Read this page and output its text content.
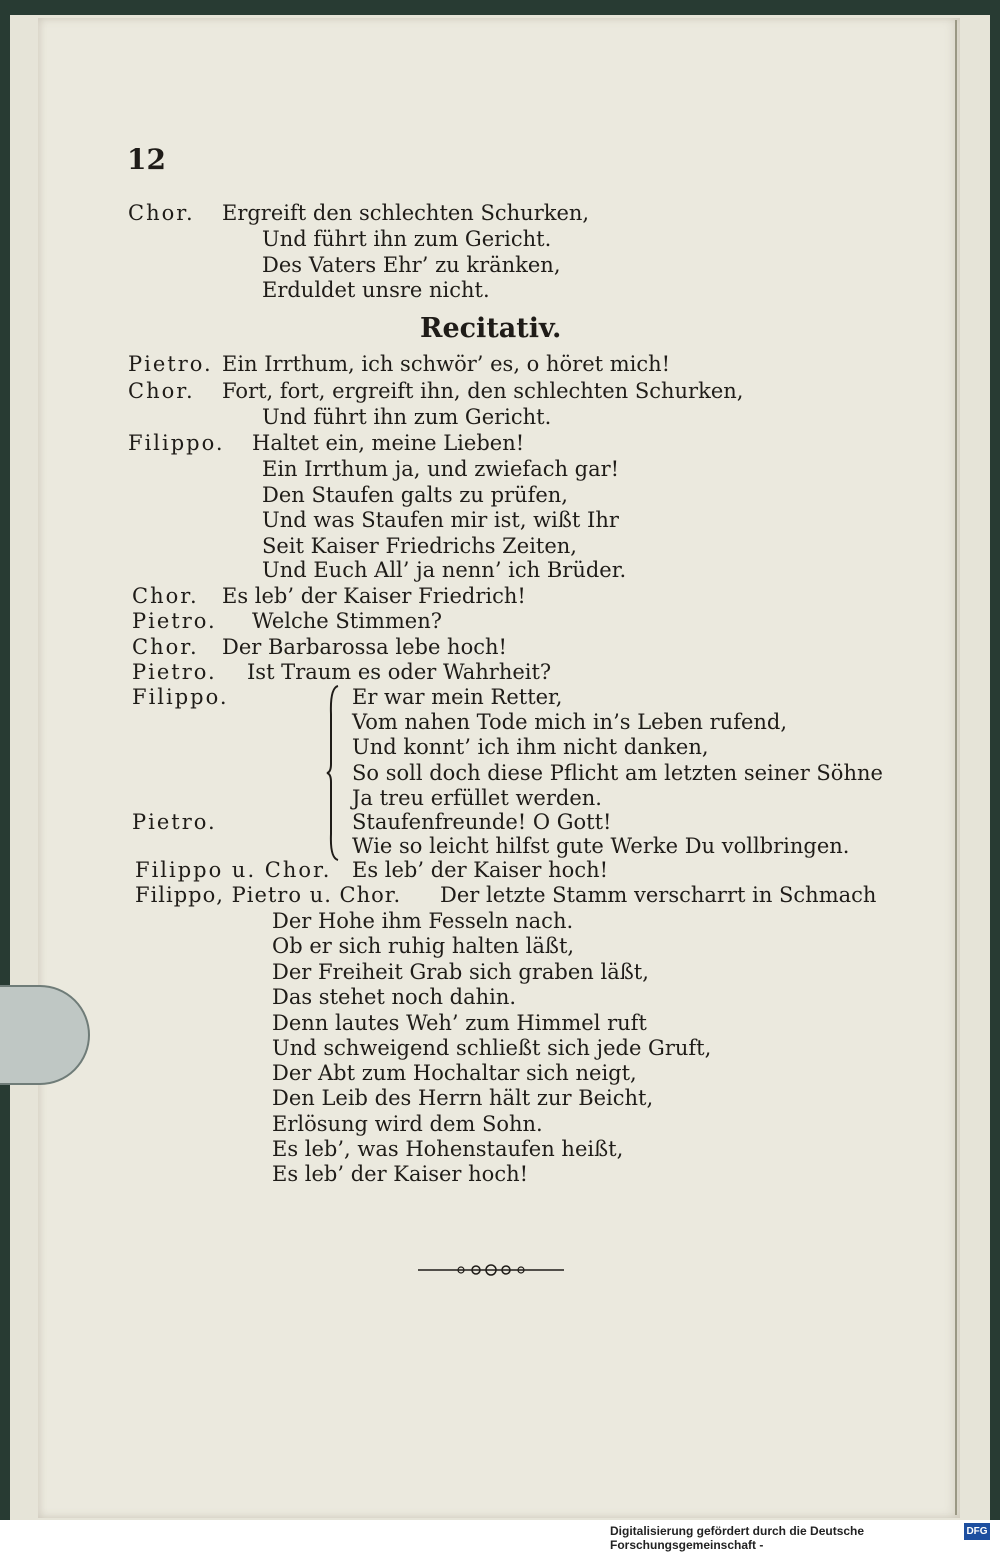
12
Chor. Ergreift den schlechten Schurken,
Und führt ihn zum Gericht.
Des Vaters Ehr’ zu kränken,
Erduldet unsre nicht.
Recitativ.
Pietro. Ein Irrthum, ich schwör’ es, o höret mich!
Chor. Fort, fort, ergreift ihn, den schlechten Schurken,
Und führt ihn zum Gericht.
Filippo. Haltet ein, meine Lieben!
Ein Irrthum ja, und zwiefach gar!
Den Staufen galts zu prüfen,
Und was Staufen mir ist, wißt Ihr
Seit Kaiser Friedrichs Zeiten,
Und Euch All’ ja nenn’ ich Brüder.
Chor. Es leb’ der Kaiser Friedrich!
Pietro. Welche Stimmen?
Chor. Der Barbarossa lebe hoch!
Pietro. Ist Traum es oder Wahrheit?
Filippo.	Er war mein Retter,
Vom nahen Tode mich in’s Leben rufend,
Und konnt’ ich ihm nicht danken,
So soll doch diese Pflicht am letzten seiner Söhne
Ja treu erfüllet werden.
Pietro.	Staufenfreunde! O Gott!
Wie so leicht hilfst gute Werke Du vollbringen.
Filippo u. Chor. Es leb’ der Kaiser hoch!
Filippo, Pietro u. Chor. Der letzte Stamm verscharrt in Schmach
Der Hohe ihm Fesseln nach.
Ob er sich ruhig halten läßt,
Der Freiheit Grab sich graben läßt,
Das stehet noch dahin.
Denn lautes Weh’ zum Himmel ruft
Und schweigend schließt sich jede Gruft,
Der Abt zum Hochaltar sich neigt,
Den Leib des Herrn hält zur Beicht,
Erlösung wird dem Sohn.
Es leb’, was Hohenstaufen heißt,
Es leb’ der Kaiser hoch!
Digitalisierung gefördert durch die Deutsche Forschungsgemeinschaft -
DFG
